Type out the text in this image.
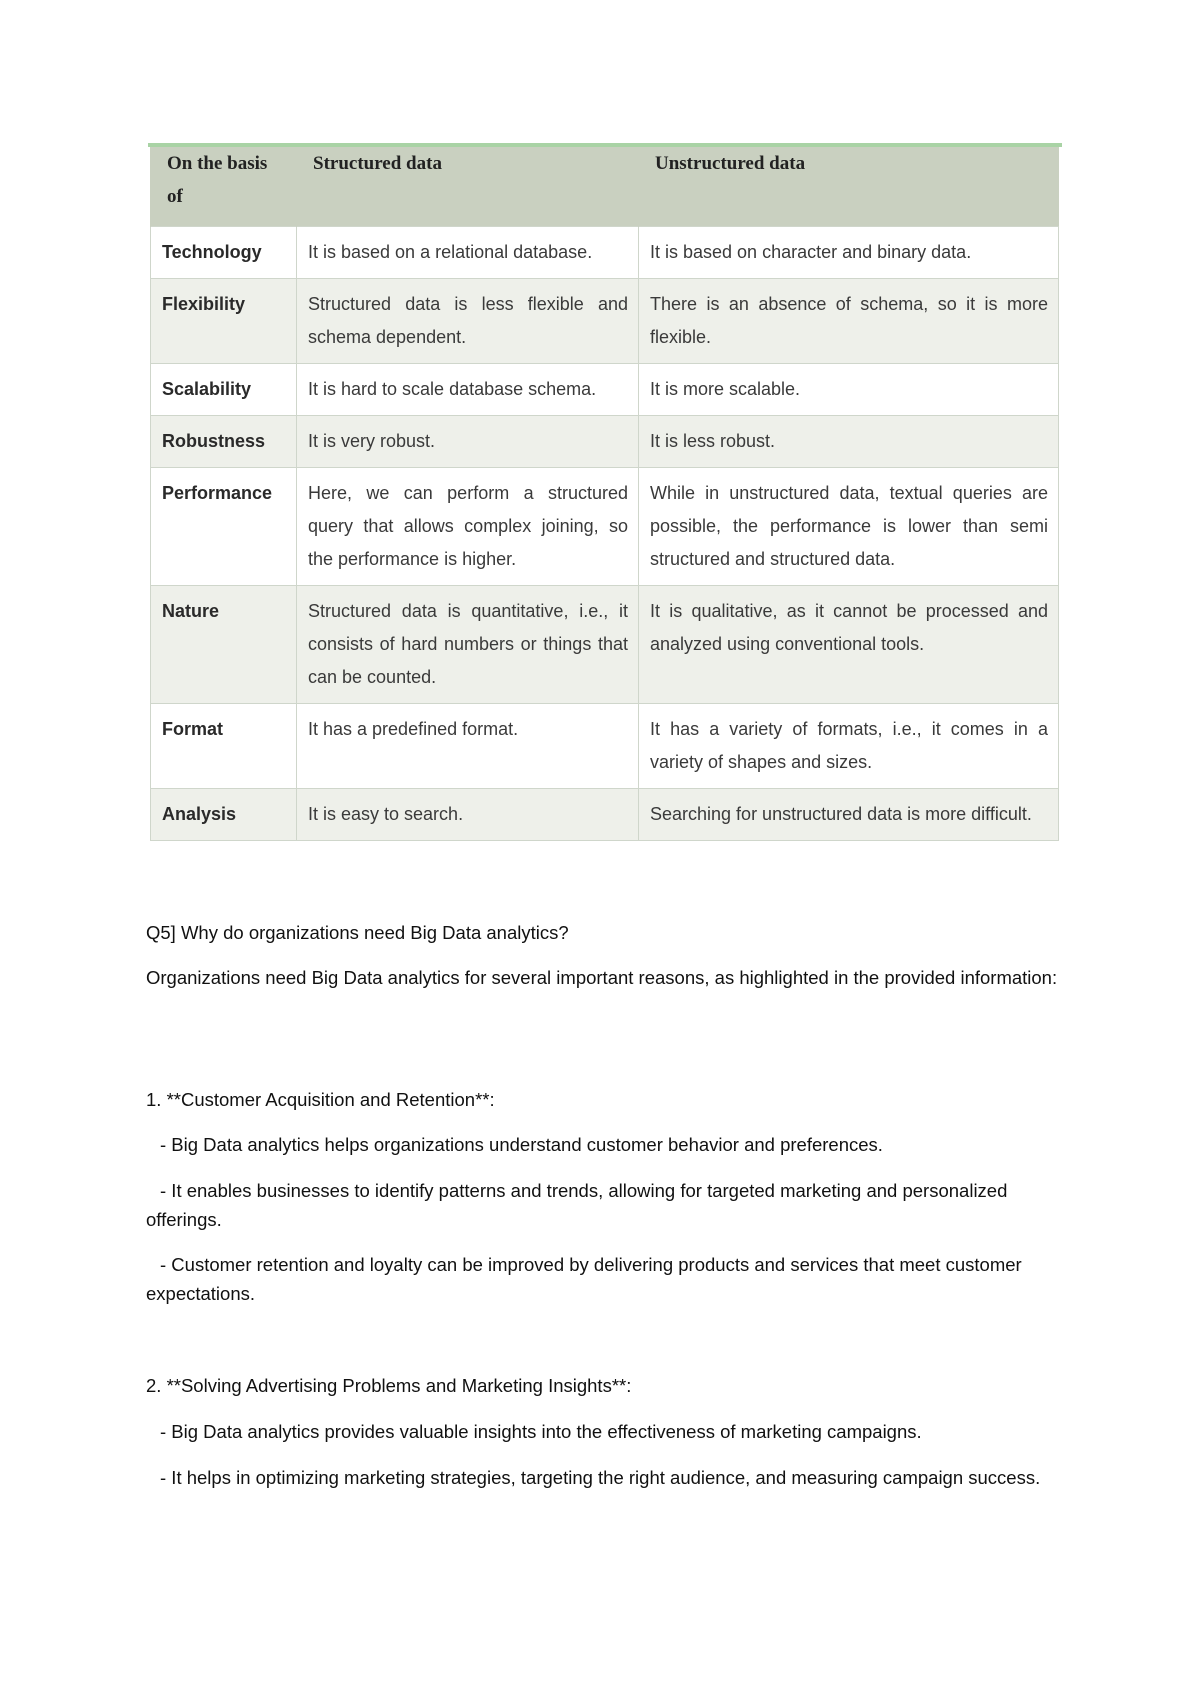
On the basis of	Structured data	Unstructured data
Technology	It is based on a relational database.	It is based on character and binary data.
Flexibility	Structured data is less flexible and schema dependent.	There is an absence of schema, so it is more flexible.
Scalability	It is hard to scale database schema.	It is more scalable.
Robustness	It is very robust.	It is less robust.
Performance	Here, we can perform a structured query that allows complex joining, so the performance is higher.	While in unstructured data, textual queries are possible, the performance is lower than semi structured and structured data.
Nature	Structured data is quantitative, i.e., it consists of hard numbers or things that can be counted.	It is qualitative, as it cannot be processed and analyzed using conventional tools.
Format	It has a predefined format.	It has a variety of formats, i.e., it comes in a variety of shapes and sizes.
Analysis	It is easy to search.	Searching for unstructured data is more difficult.

Q5] Why do organizations need Big Data analytics?

Organizations need Big Data analytics for several important reasons, as highlighted in the provided information:

1. **Customer Acquisition and Retention**:

- Big Data analytics helps organizations understand customer behavior and preferences.

- It enables businesses to identify patterns and trends, allowing for targeted marketing and personalized offerings.

- Customer retention and loyalty can be improved by delivering products and services that meet customer expectations.

2. **Solving Advertising Problems and Marketing Insights**:

- Big Data analytics provides valuable insights into the effectiveness of marketing campaigns.

- It helps in optimizing marketing strategies, targeting the right audience, and measuring campaign success.
